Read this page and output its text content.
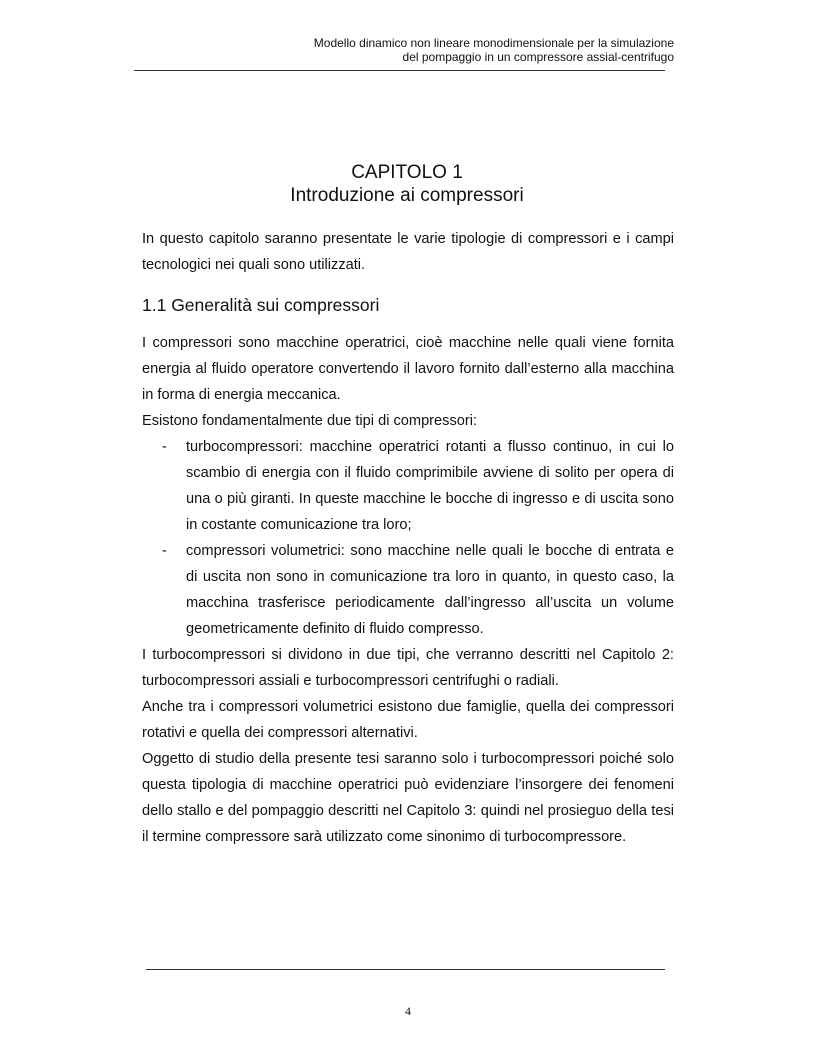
Modello dinamico non lineare monodimensionale per la simulazione
del pompaggio in un compressore assial-centrifugo
CAPITOLO 1
Introduzione ai compressori

In questo capitolo saranno presentate le varie tipologie di compressori e i campi tecnologici nei quali sono utilizzati.

1.1 Generalità sui compressori

I compressori sono macchine operatrici, cioè macchine nelle quali viene fornita energia al fluido operatore convertendo il lavoro fornito dall’esterno alla macchina in forma di energia meccanica.

Esistono fondamentalmente due tipi di compressori:

- turbocompressori: macchine operatrici rotanti a flusso continuo, in cui lo scambio di energia con il fluido comprimibile avviene di solito per opera di una o più giranti. In queste macchine le bocche di ingresso e di uscita sono in costante comunicazione tra loro;
- compressori volumetrici: sono macchine nelle quali le bocche di entrata e di uscita non sono in comunicazione tra loro in quanto, in questo caso, la macchina trasferisce periodicamente dall’ingresso all’uscita un volume geometricamente definito di fluido compresso.

I turbocompressori si dividono in due tipi, che verranno descritti nel Capitolo 2: turbocompressori assiali e turbocompressori centrifughi o radiali.

Anche tra i compressori volumetrici esistono due famiglie, quella dei compressori rotativi e quella dei compressori alternativi.

Oggetto di studio della presente tesi saranno solo i turbocompressori poiché solo questa tipologia di macchine operatrici può evidenziare l’insorgere dei fenomeni dello stallo e del pompaggio descritti nel Capitolo 3: quindi nel prosieguo della tesi il termine compressore sarà utilizzato come sinonimo di turbocompressore.

4
